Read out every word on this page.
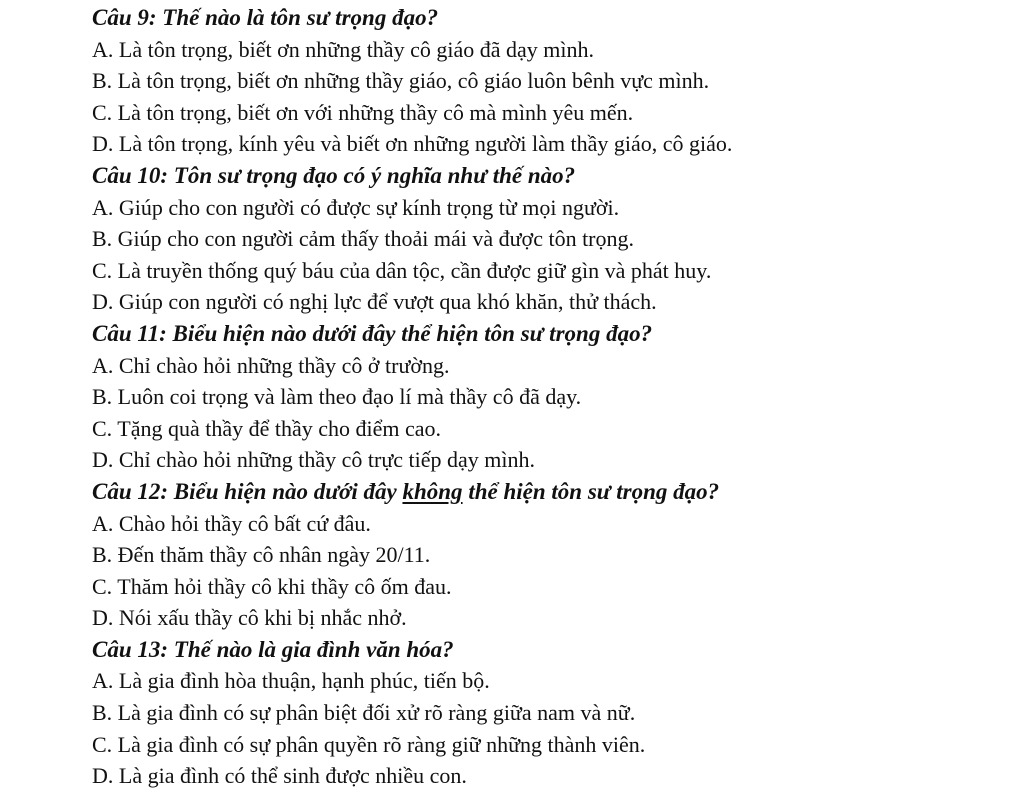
Câu 9: Thế nào là tôn sư trọng đạo?
A. Là tôn trọng, biết ơn những thầy cô giáo đã dạy mình.
B. Là tôn trọng, biết ơn những thầy giáo, cô giáo luôn bênh vực mình.
C. Là tôn trọng, biết ơn với những thầy cô mà mình yêu mến.
D. Là tôn trọng, kính yêu và biết ơn những người làm thầy giáo, cô giáo.
Câu 10: Tôn sư trọng đạo có ý nghĩa như thế nào?
A. Giúp cho con người có được sự kính trọng từ mọi người.
B. Giúp cho con người cảm thấy thoải mái và được tôn trọng.
C. Là truyền thống quý báu của dân tộc, cần được giữ gìn và phát huy.
D. Giúp con người có nghị lực để vượt qua khó khăn, thử thách.
Câu 11: Biểu hiện nào dưới đây thể hiện tôn sư trọng đạo?
A. Chỉ chào hỏi những thầy cô ở trường.
B. Luôn coi trọng và làm theo đạo lí mà thầy cô đã dạy.
C. Tặng quà thầy để thầy cho điểm cao.
D. Chỉ chào hỏi những thầy cô trực tiếp dạy mình.
Câu 12: Biểu hiện nào dưới đây không thể hiện tôn sư trọng đạo?
A. Chào hỏi thầy cô bất cứ đâu.
B. Đến thăm thầy cô nhân ngày 20/11.
C. Thăm hỏi thầy cô khi thầy cô ốm đau.
D. Nói xấu thầy cô khi bị nhắc nhở.
Câu 13: Thế nào là gia đình văn hóa?
A. Là gia đình hòa thuận, hạnh phúc, tiến bộ.
B. Là gia đình có sự phân biệt đối xử rõ ràng giữa nam và nữ.
C. Là gia đình có sự phân quyền rõ ràng giữ những thành viên.
D. Là gia đình có thể sinh được nhiều con.
